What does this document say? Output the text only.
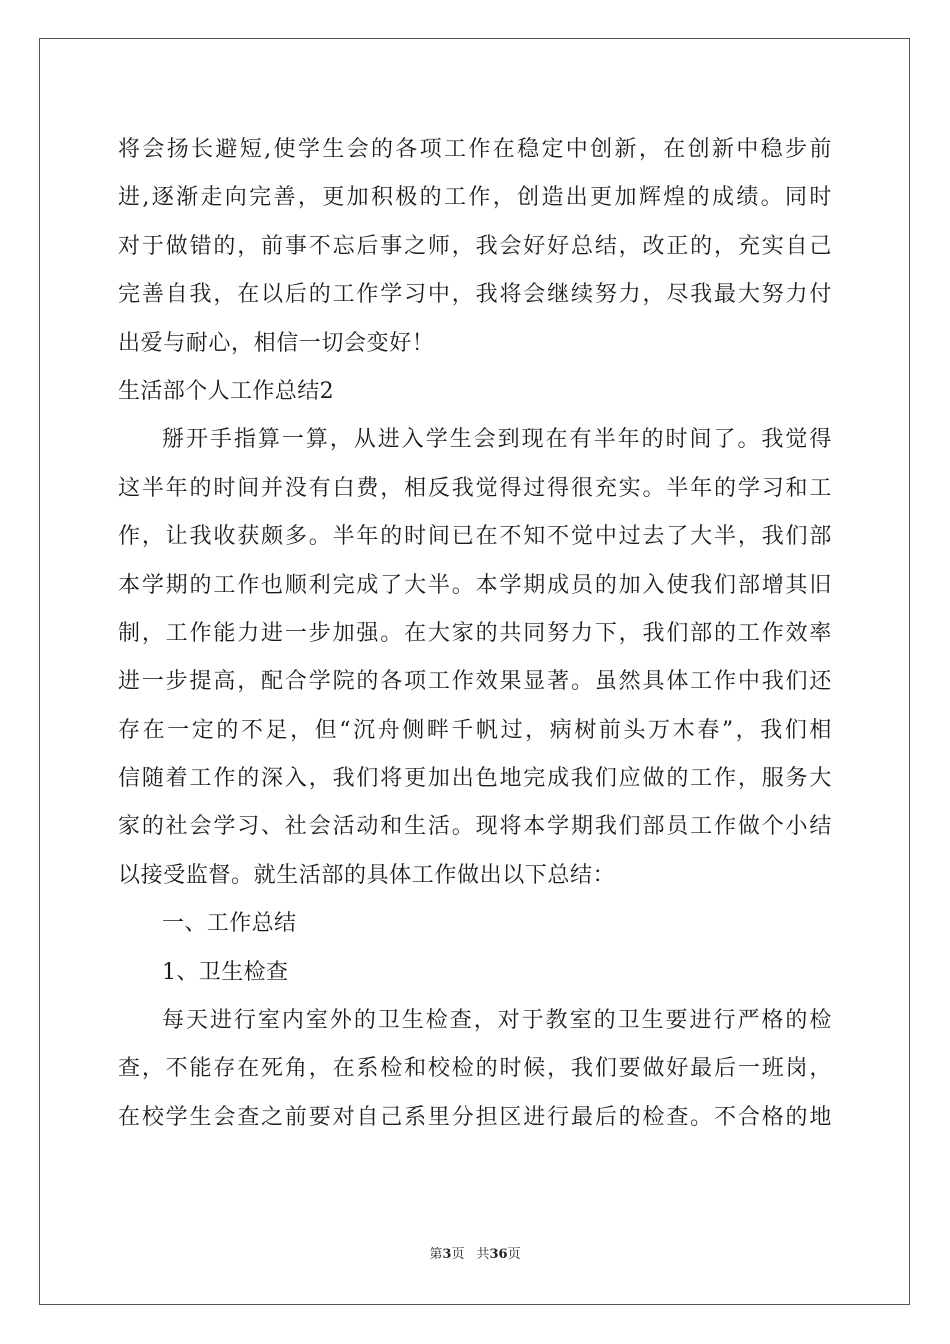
将会扬长避短,使学生会的各项工作在稳定中创新，在创新中稳步前
进,逐渐走向完善，更加积极的工作，创造出更加辉煌的成绩。同时
对于做错的，前事不忘后事之师，我会好好总结，改正的，充实自己
完善自我，在以后的工作学习中，我将会继续努力，尽我最大努力付
出爱与耐心，相信一切会变好！
生活部个人工作总结2
掰开手指算一算，从进入学生会到现在有半年的时间了。我觉得
这半年的时间并没有白费，相反我觉得过得很充实。半年的学习和工
作，让我收获颇多。半年的时间已在不知不觉中过去了大半，我们部
本学期的工作也顺利完成了大半。本学期成员的加入使我们部增其旧
制，工作能力进一步加强。在大家的共同努力下，我们部的工作效率
进一步提高，配合学院的各项工作效果显著。虽然具体工作中我们还
存在一定的不足，但“沉舟侧畔千帆过，病树前头万木春”，我们相
信随着工作的深入，我们将更加出色地完成我们应做的工作，服务大
家的社会学习、社会活动和生活。现将本学期我们部员工作做个小结
以接受监督。就生活部的具体工作做出以下总结：
一、工作总结
1、卫生检查
每天进行室内室外的卫生检查，对于教室的卫生要进行严格的检
查，不能存在死角，在系检和校检的时候，我们要做好最后一班岗，
在校学生会查之前要对自己系里分担区进行最后的检查。不合格的地
第3页 共36页
